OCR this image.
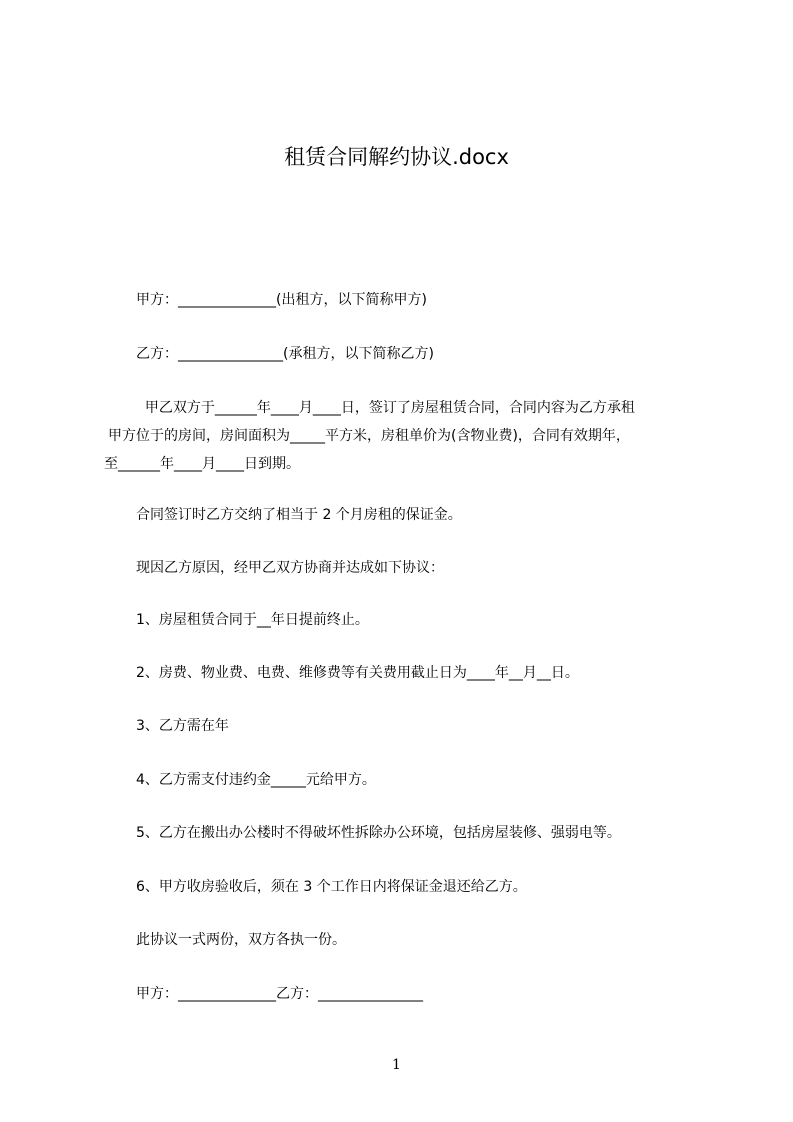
租赁合同解约协议.docx
甲方：______________(出租方，以下简称甲方)
乙方：_______________(承租方，以下简称乙方)
甲乙双方于______年____月____日，签订了房屋租赁合同，合同内容为乙方承租
甲方位于的房间，房间面积为_____平方米，房租单价为(含物业费)，合同有效期年，
至______年____月____日到期。
合同签订时乙方交纳了相当于 2 个月房租的保证金。
现因乙方原因，经甲乙双方协商并达成如下协议：
1、房屋租赁合同于__年日提前终止。
2、房费、物业费、电费、维修费等有关费用截止日为____年__月__日。
3、乙方需在年
4、乙方需支付违约金_____元给甲方。
5、乙方在搬出办公楼时不得破坏性拆除办公环境，包括房屋装修、强弱电等。
6、甲方收房验收后，须在 3 个工作日内将保证金退还给乙方。
此协议一式两份，双方各执一份。
甲方：______________乙方：_______________
1
